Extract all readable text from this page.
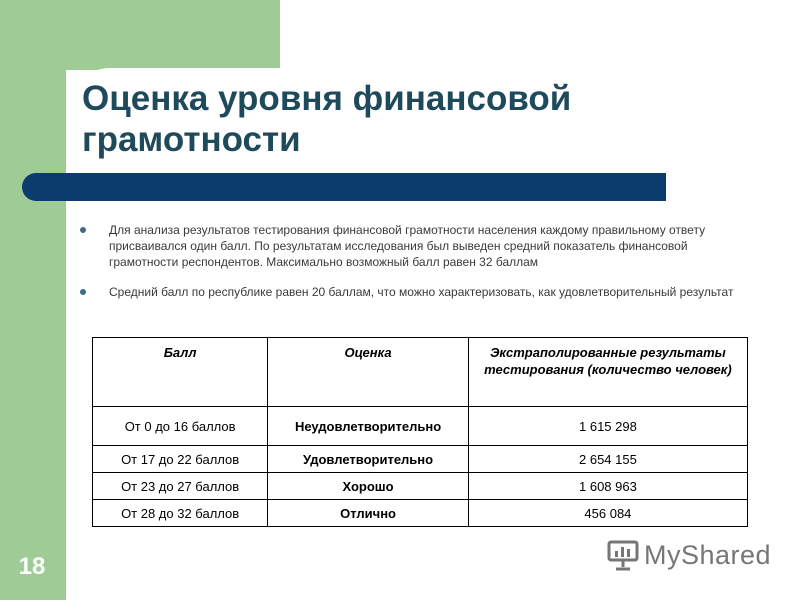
Оценка уровня финансовой грамотности
Для анализа результатов тестирования финансовой грамотности населения каждому правильному ответу присваивался один балл. По результатам исследования был выведен средний показатель финансовой грамотности респондентов. Максимально возможный балл равен 32 баллам
Средний балл по республике равен 20 баллам, что можно характеризовать, как удовлетворительный результат
Балл	Оценка	Экстраполированные результаты тестирования (количество человек)
От 0 до 16 баллов	Неудовлетворительно	1 615 298
От 17 до 22 баллов	Удовлетворительно	2 654 155
От 23 до 27 баллов	Хорошо	1 608 963
От 28 до 32 баллов	Отлично	456 084
18	MyShared
